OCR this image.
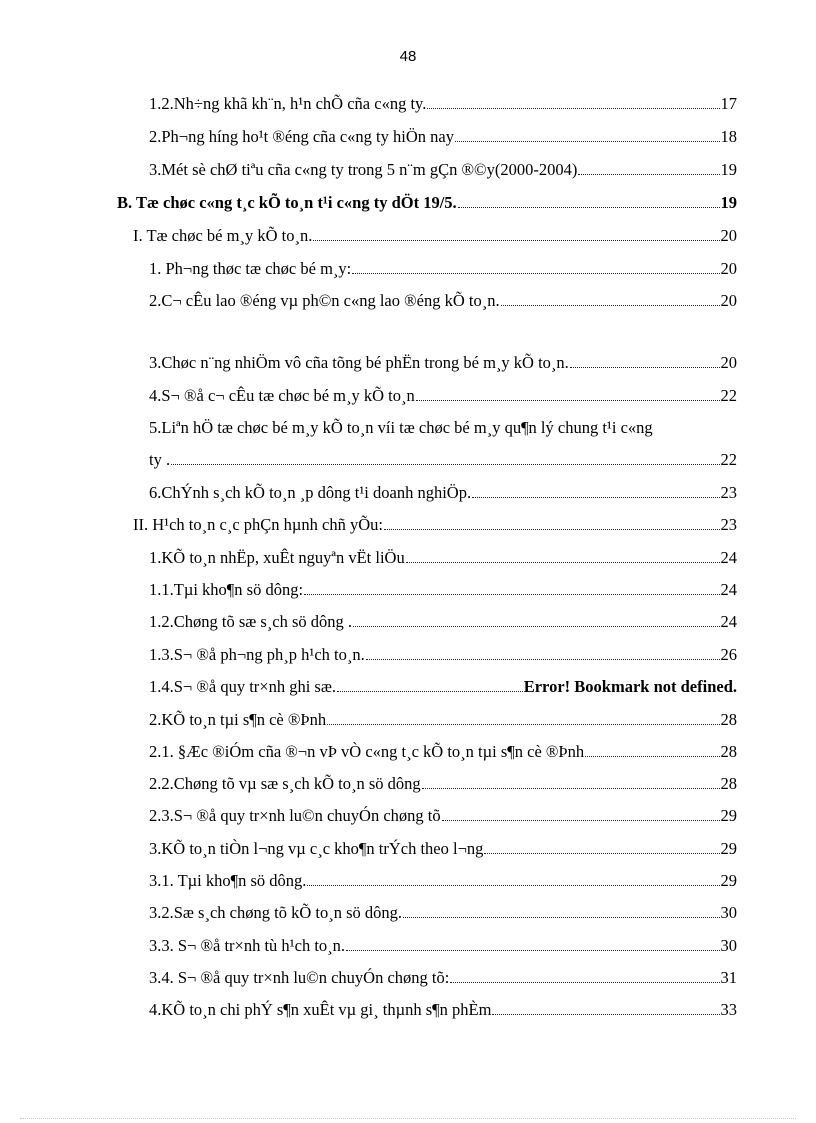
48
1.2.Nh÷ng khã kh¨n, h¹n chÕ cña c«ng ty.	17
2.Ph¬ng híng ho¹t ®éng cña c«ng ty hiÖn nay	18
3.Mét sè chØ tiªu cña c«ng ty trong 5 n¨m gÇn ®©y(2000-2004)	19
B. Tæ chøc c«ng t¸c kÕ to¸n t¹i c«ng ty dÖt 19/5.	19
I. Tæ chøc bé m¸y kÕ to¸n.	20
1. Ph¬ng thøc tæ chøc bé m¸y:	20
2.C¬ cÊu lao ®éng vµ ph©n c«ng lao ®éng kÕ to¸n.	20
3.Chøc n¨ng nhiÖm vô cña tõng bé phËn trong bé m¸y kÕ to¸n.	20
4.S¬ ®å c¬ cÊu tæ chøc bé m¸y kÕ to¸n	22
5.Liªn hÖ tæ chøc bé m¸y kÕ to¸n víi tæ chøc bé m¸y qu¶n lý chung t¹i c«ng
ty .	22
6.ChÝnh s¸ch kÕ to¸n ¸p dông t¹i doanh nghiÖp.	23
II. H¹ch to¸n c¸c phÇn hµnh chñ yÕu:	23
1.KÕ to¸n nhËp, xuÊt nguyªn vËt liÖu	24
1.1.Tµi kho¶n sö dông:	24
1.2.Chøng tõ sæ s¸ch sö dông .	24
1.3.S¬ ®å ph¬ng ph¸p h¹ch to¸n.	26
1.4.S¬ ®å quy tr×nh ghi sæ.	Error! Bookmark not defined.
2.KÕ to¸n tµi s¶n cè ®Þnh	28
2.1. §Æc ®iÓm cña ®¬n vÞ vÒ c«ng t¸c kÕ to¸n tµi s¶n cè ®Þnh	28
2.2.Chøng tõ vµ sæ s¸ch kÕ to¸n sö dông	28
2.3.S¬ ®å quy tr×nh lu©n chuyÓn chøng tõ	29
3.KÕ to¸n tiÒn l¬ng vµ c¸c kho¶n trÝch theo l¬ng	29
3.1. Tµi kho¶n sö dông.	29
3.2.Sæ s¸ch chøng tõ kÕ to¸n sö dông.	30
3.3. S¬ ®å tr×nh tù h¹ch to¸n.	30
3.4. S¬ ®å quy tr×nh lu©n chuyÓn chøng tõ:	31
4.KÕ to¸n chi phÝ s¶n xuÊt vµ gi¸ thµnh s¶n phÈm	33
